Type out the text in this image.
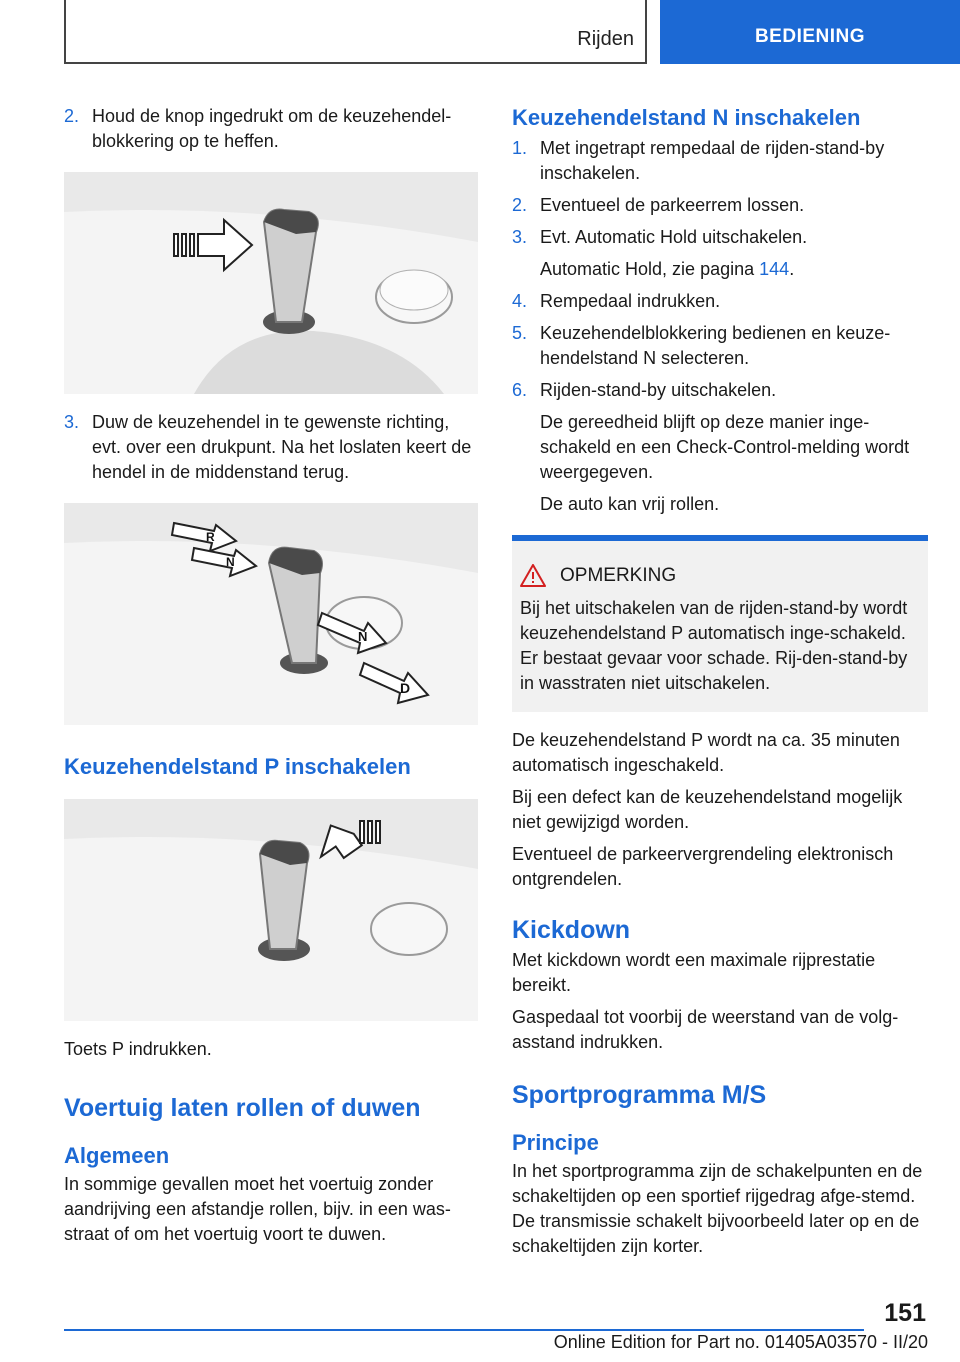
Rijden	BEDIENING
2. Houd de knop ingedrukt om de keuzehendel-blokkering op te heffen.
3. Duw de keuzehendel in te gewenste richting, evt. over een drukpunt. Na het loslaten keert de hendel in de middenstand terug.
R
N
N
D
Keuzehendelstand P inschakelen

Toets P indrukken.

Voertuig laten rollen of duwen
Algemeen

In sommige gevallen moet het voertuig zonder aandrijving een afstandje rollen, bijv. in een was-straat of om het voertuig voort te duwen.

Keuzehendelstand N inschakelen
1. Met ingetrapt rempedaal de rijden-stand-by inschakelen.
2. Eventueel de parkeerrem lossen.
3. Evt. Automatic Hold uitschakelen.
Automatic Hold, zie pagina 144.
4. Rempedaal indrukken.
5. Keuzehendelblokkering bedienen en keuze-hendelstand N selecteren.
6. Rijden-stand-by uitschakelen.
De gereedheid blijft op deze manier inge-schakeld en een Check-Control-melding wordt weergegeven.
De auto kan vrij rollen.
OPMERKING
Bij het uitschakelen van de rijden-stand-by wordt keuzehendelstand P automatisch inge-schakeld. Er bestaat gevaar voor schade. Rij-den-stand-by in wasstraten niet uitschakelen.

De keuzehendelstand P wordt na ca. 35 minuten automatisch ingeschakeld.

Bij een defect kan de keuzehendelstand mogelijk niet gewijzigd worden.

Eventueel de parkeervergrendeling elektronisch ontgrendelen.

Kickdown

Met kickdown wordt een maximale rijprestatie bereikt.

Gaspedaal tot voorbij de weerstand van de volg-asstand indrukken.

Sportprogramma M/S
Principe

In het sportprogramma zijn de schakelpunten en de schakeltijden op een sportief rijgedrag afge-stemd. De transmissie schakelt bijvoorbeeld later op en de schakeltijden zijn korter.

151
Online Edition for Part no. 01405A03570 - II/20
